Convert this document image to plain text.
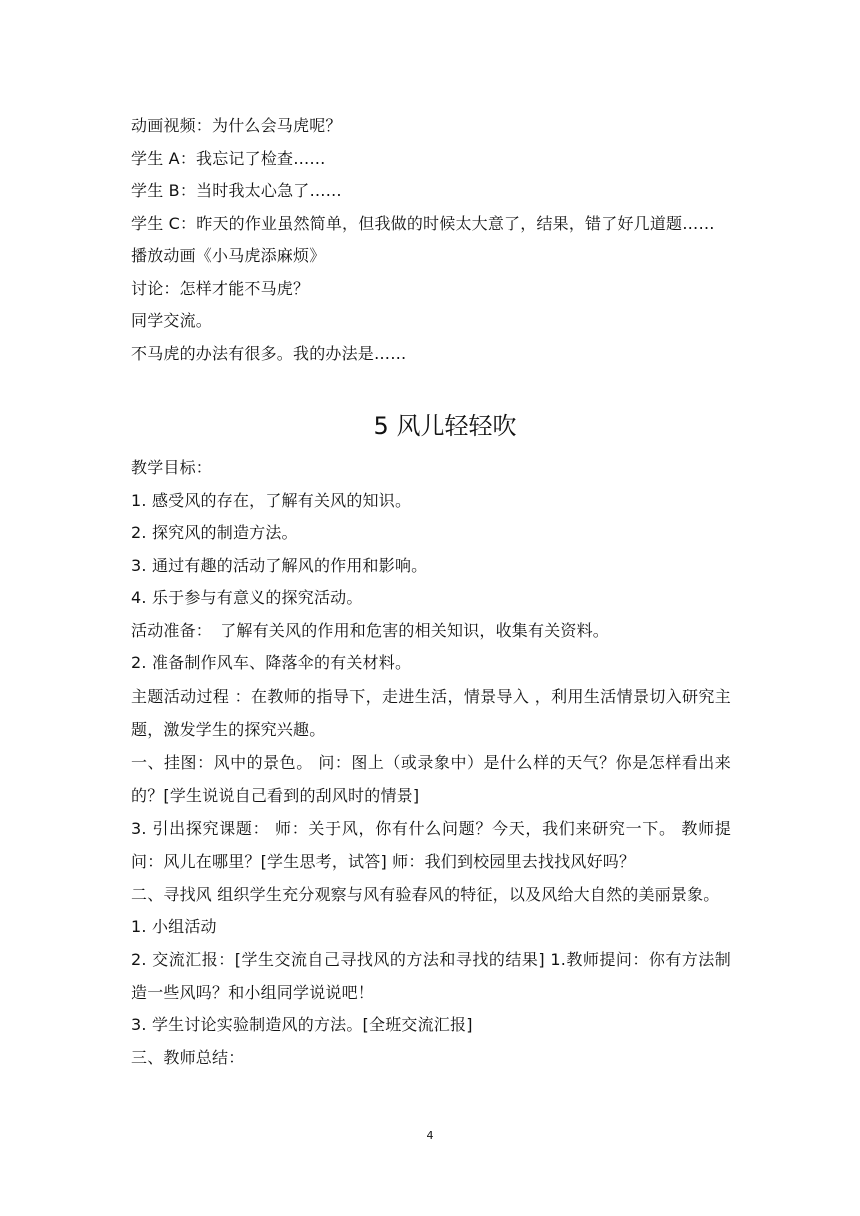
动画视频：为什么会马虎呢？
学生 A：我忘记了检查……
学生 B：当时我太心急了……
学生 C：昨天的作业虽然简单，但我做的时候太大意了，结果，错了好几道题……
播放动画《小马虎添麻烦》
讨论：怎样才能不马虎？
同学交流。
不马虎的办法有很多。我的办法是……
5 风儿轻轻吹
教学目标：
1. 感受风的存在，了解有关风的知识。
2. 探究风的制造方法。
3. 通过有趣的活动了解风的作用和影响。
4. 乐于参与有意义的探究活动。
活动准备：　了解有关风的作用和危害的相关知识，收集有关资料。
2. 准备制作风车、降落伞的有关材料。
主题活动过程 ：在教师的指导下，走进生活，情景导入 ，利用生活情景切入研究主题，激发学生的探究兴趣。
一、挂图：风中的景色。 问：图上（或录象中）是什么样的天气？你是怎样看出来的？[学生说说自己看到的刮风时的情景]
3. 引出探究课题： 师：关于风，你有什么问题？今天，我们来研究一下。 教师提问：风儿在哪里？[学生思考，试答] 师：我们到校园里去找找风好吗？
二、寻找风 组织学生充分观察与风有验春风的特征，以及风给大自然的美丽景象。
1. 小组活动
2. 交流汇报：[学生交流自己寻找风的方法和寻找的结果] 1.教师提问：你有方法制造一些风吗？和小组同学说说吧！
3. 学生讨论实验制造风的方法。[全班交流汇报]
三、教师总结：
4
